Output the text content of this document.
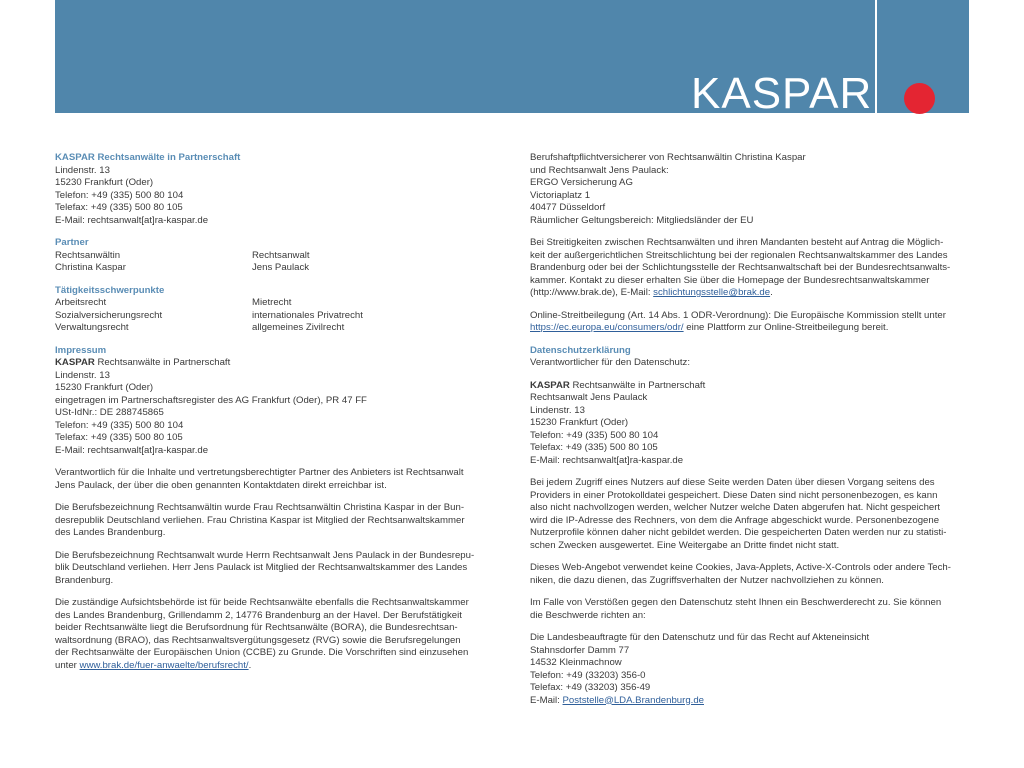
KASPAR

KASPAR Rechtsanwälte in Partnerschaft

Lindenstr. 13

15230 Frankfurt (Oder)

Telefon: +49 (335) 500 80 104

Telefax: +49 (335) 500 80 105

E-Mail: rechtsanwalt[at]ra-kaspar.de

Partner

Rechtsanwältin

Christina Kaspar

Rechtsanwalt

Jens Paulack

Tätigkeitsschwerpunkte

Arbeitsrecht

Sozialversicherungsrecht

Verwaltungsrecht

Mietrecht

internationales Privatrecht

allgemeines Zivilrecht

Impressum

KASPAR Rechtsanwälte in Partnerschaft

Lindenstr. 13

15230 Frankfurt (Oder)

eingetragen im Partnerschaftsregister des AG Frankfurt (Oder), PR 47 FF

USt-IdNr.: DE 288745865

Telefon: +49 (335) 500 80 104

Telefax: +49 (335) 500 80 105

E-Mail: rechtsanwalt[at]ra-kaspar.de

Verantwortlich für die Inhalte und vertretungsberechtigter Partner des Anbieters ist Rechtsanwalt

Jens Paulack, der über die oben genannten Kontaktdaten direkt erreichbar ist.

Die Berufsbezeichnung Rechtsanwältin wurde Frau Rechtsanwältin Christina Kaspar in der Bun-

desrepublik Deutschland verliehen. Frau Christina Kaspar ist Mitglied der Rechtsanwaltskammer

des Landes Brandenburg.

Die Berufsbezeichnung Rechtsanwalt wurde Herrn Rechtsanwalt Jens Paulack in der Bundesrepu-

blik Deutschland verliehen. Herr Jens Paulack ist Mitglied der Rechtsanwaltskammer des Landes

Brandenburg.

Die zuständige Aufsichtsbehörde ist für beide Rechtsanwälte ebenfalls die Rechtsanwaltskammer

des Landes Brandenburg, Grillendamm 2, 14776 Brandenburg an der Havel. Der Berufstätigkeit

beider Rechtsanwälte liegt die Berufsordnung für Rechtsanwälte (BORA), die Bundesrechtsan-

waltsordnung (BRAO), das Rechtsanwaltsvergütungsgesetz (RVG) sowie die Berufsregelungen

der Rechtsanwälte der Europäischen Union (CCBE) zu Grunde. Die Vorschriften sind einzusehen

unter www.brak.de/fuer-anwaelte/berufsrecht/.

Berufshaftpflichtversicherer von Rechtsanwältin Christina Kaspar

und Rechtsanwalt Jens Paulack:

ERGO Versicherung AG

Victoriaplatz 1

40477 Düsseldorf

Räumlicher Geltungsbereich: Mitgliedsländer der EU

Bei Streitigkeiten zwischen Rechtsanwälten und ihren Mandanten besteht auf Antrag die Möglich-

keit der außergerichtlichen Streitschlichtung bei der regionalen Rechtsanwaltskammer des Landes

Brandenburg oder bei der Schlichtungsstelle der Rechtsanwaltschaft bei der Bundesrechtsanwalts-

kammer. Kontakt zu dieser erhalten Sie über die Homepage der Bundesrechtsanwaltskammer

(http://www.brak.de), E-Mail: schlichtungsstelle@brak.de.

Online-Streitbeilegung (Art. 14 Abs. 1 ODR-Verordnung): Die Europäische Kommission stellt unter

https://ec.europa.eu/consumers/odr/ eine Plattform zur Online-Streitbeilegung bereit.

Datenschutzerklärung

Verantwortlicher für den Datenschutz:

KASPAR Rechtsanwälte in Partnerschaft

Rechtsanwalt Jens Paulack

Lindenstr. 13

15230 Frankfurt (Oder)

Telefon: +49 (335) 500 80 104

Telefax: +49 (335) 500 80 105

E-Mail: rechtsanwalt[at]ra-kaspar.de

Bei jedem Zugriff eines Nutzers auf diese Seite werden Daten über diesen Vorgang seitens des

Providers in einer Protokolldatei gespeichert. Diese Daten sind nicht personenbezogen, es kann

also nicht nachvollzogen werden, welcher Nutzer welche Daten abgerufen hat. Nicht gespeichert

wird die IP-Adresse des Rechners, von dem die Anfrage abgeschickt wurde. Personenbezogene

Nutzerprofile können daher nicht gebildet werden. Die gespeicherten Daten werden nur zu statisti-

schen Zwecken ausgewertet. Eine Weitergabe an Dritte findet nicht statt.

Dieses Web-Angebot verwendet keine Cookies, Java-Applets, Active-X-Controls oder andere Tech-

niken, die dazu dienen, das Zugriffsverhalten der Nutzer nachvollziehen zu können.

Im Falle von Verstößen gegen den Datenschutz steht Ihnen ein Beschwerderecht zu. Sie können

die Beschwerde richten an:

Die Landesbeauftragte für den Datenschutz und für das Recht auf Akteneinsicht

Stahnsdorfer Damm 77

14532 Kleinmachnow

Telefon: +49 (33203) 356-0

Telefax: +49 (33203) 356-49

E-Mail: Poststelle@LDA.Brandenburg.de
